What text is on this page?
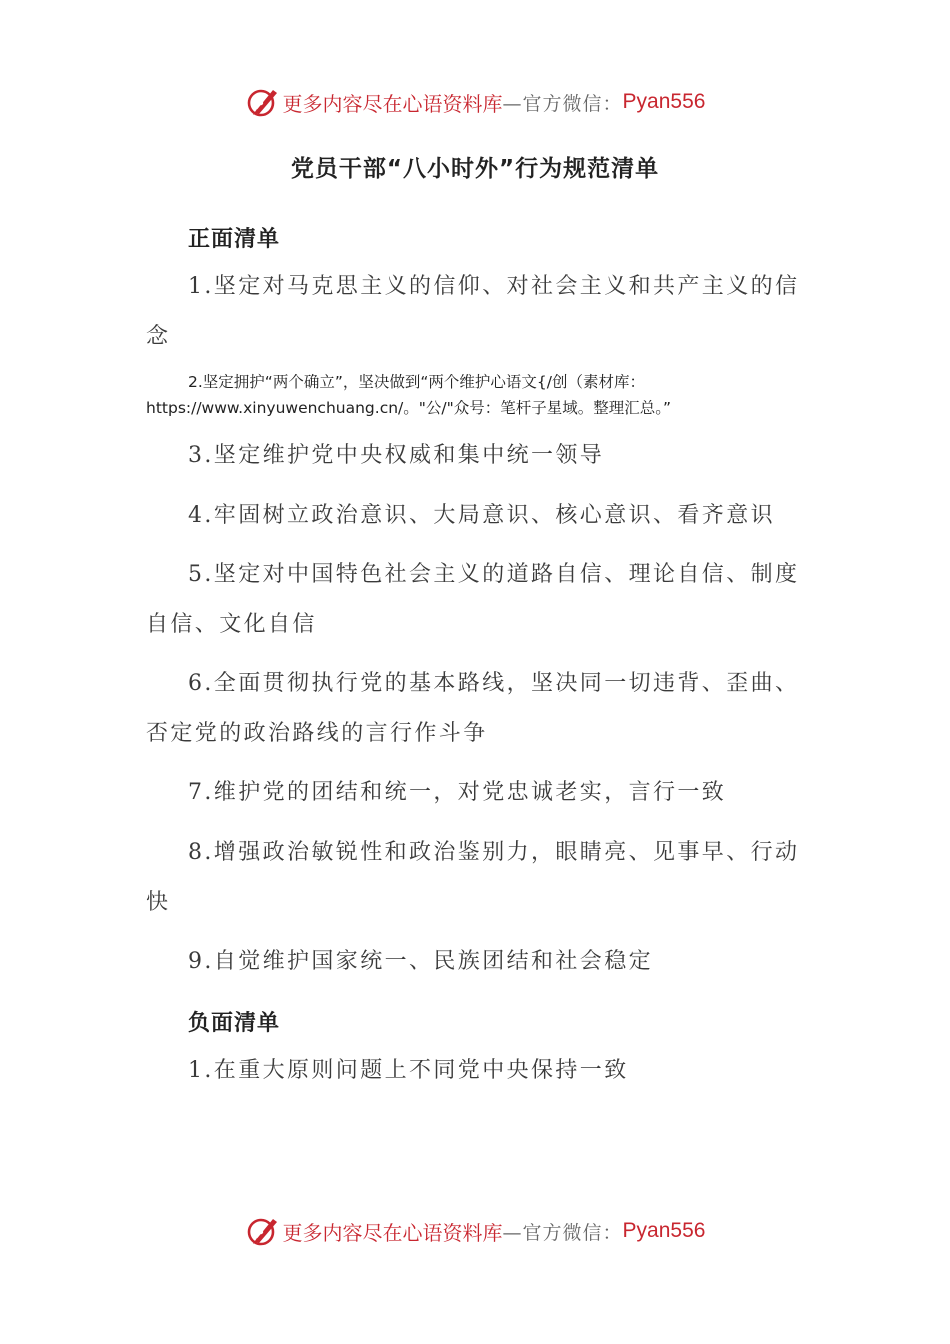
更多内容尽在心语资料库 —官方微信： Pyan556
党员干部“八小时外”行为规范清单
正面清单

1.坚定对马克思主义的信仰、对社会主义和共产主义的信念

2.坚定拥护“两个确立”，坚决做到“两个维护心语文{/创（素材库：
https://www.xinyuwenchuang.cn/。"公/"众号：笔杆子星域。整理汇总。”

3.坚定维护党中央权威和集中统一领导

4.牢固树立政治意识、大局意识、核心意识、看齐意识

5.坚定对中国特色社会主义的道路自信、理论自信、制度自信、文化自信

6.全面贯彻执行党的基本路线，坚决同一切违背、歪曲、否定党的政治路线的言行作斗争

7.维护党的团结和统一，对党忠诚老实，言行一致

8.增强政治敏锐性和政治鉴别力，眼睛亮、见事早、行动快

9.自觉维护国家统一、民族团结和社会稳定

负面清单

1.在重大原则问题上不同党中央保持一致

更多内容尽在心语资料库 —官方微信： Pyan556
